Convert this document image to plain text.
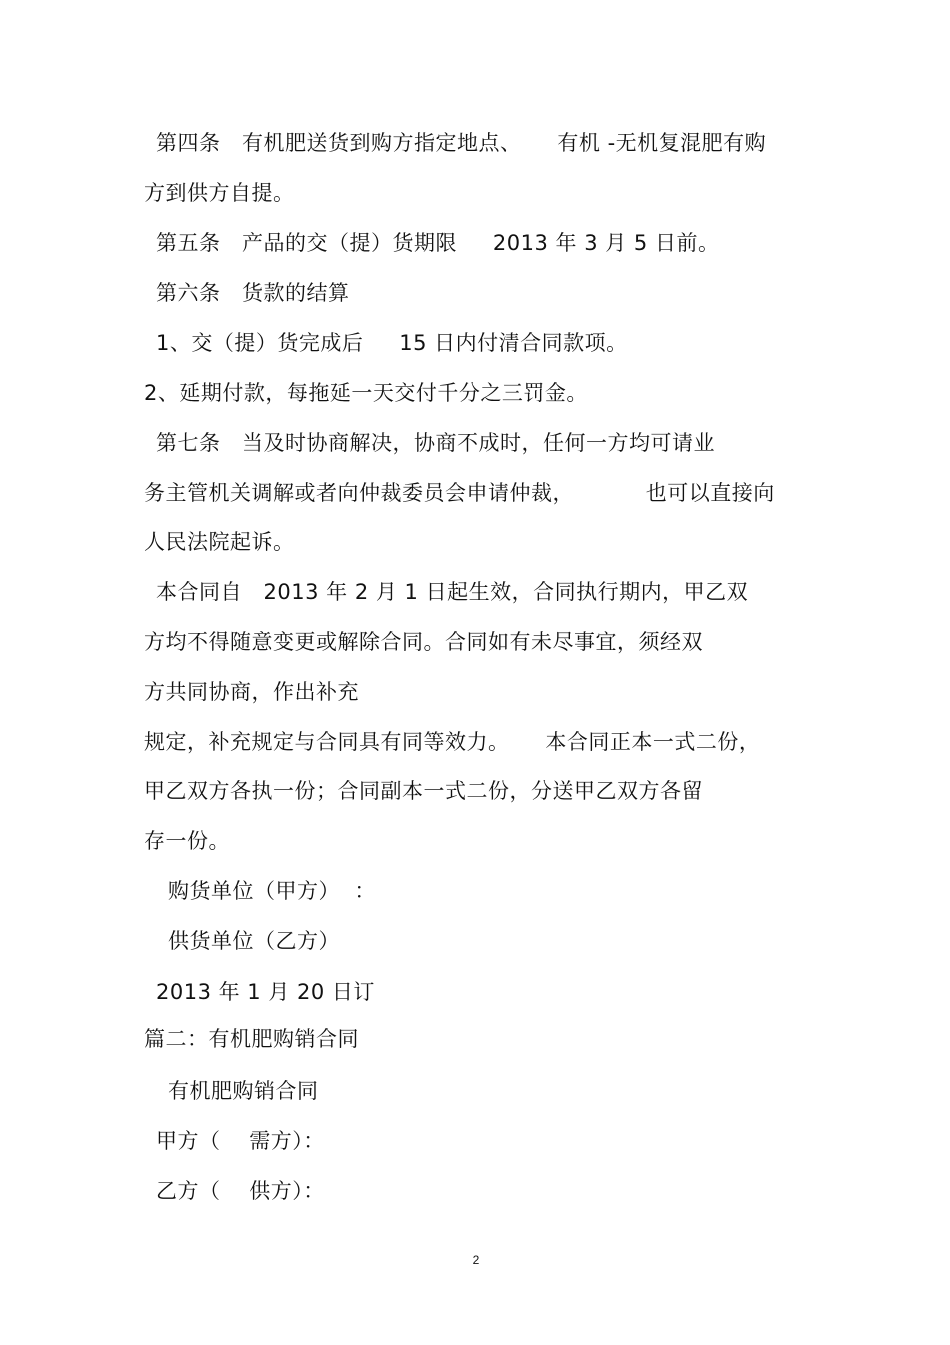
第四条   有机肥送货到购方指定地点、     有机 -无机复混肥有购
方到供方自提。
第五条   产品的交（提）货期限     2013 年 3 月 5 日前。
第六条   货款的结算
1、交（提）货完成后     15 日内付清合同款项。
2、延期付款，每拖延一天交付千分之三罚金。
第七条   当及时协商解决，协商不成时，任何一方均可请业
务主管机关调解或者向仲裁委员会申请仲裁，          也可以直接向
人民法院起诉。
本合同自   2013 年 2 月 1 日起生效，合同执行期内，甲乙双
方均不得随意变更或解除合同。合同如有未尽事宜，须经双
方共同协商，作出补充
规定，补充规定与合同具有同等效力。     本合同正本一式二份，
甲乙双方各执一份；合同副本一式二份，分送甲乙双方各留
存一份。
购货单位（甲方）  ：
供货单位（乙方）
2013 年 1 月 20 日订
篇二：有机肥购销合同
有机肥购销合同
甲方（    需方）：
乙方（    供方）：
2
